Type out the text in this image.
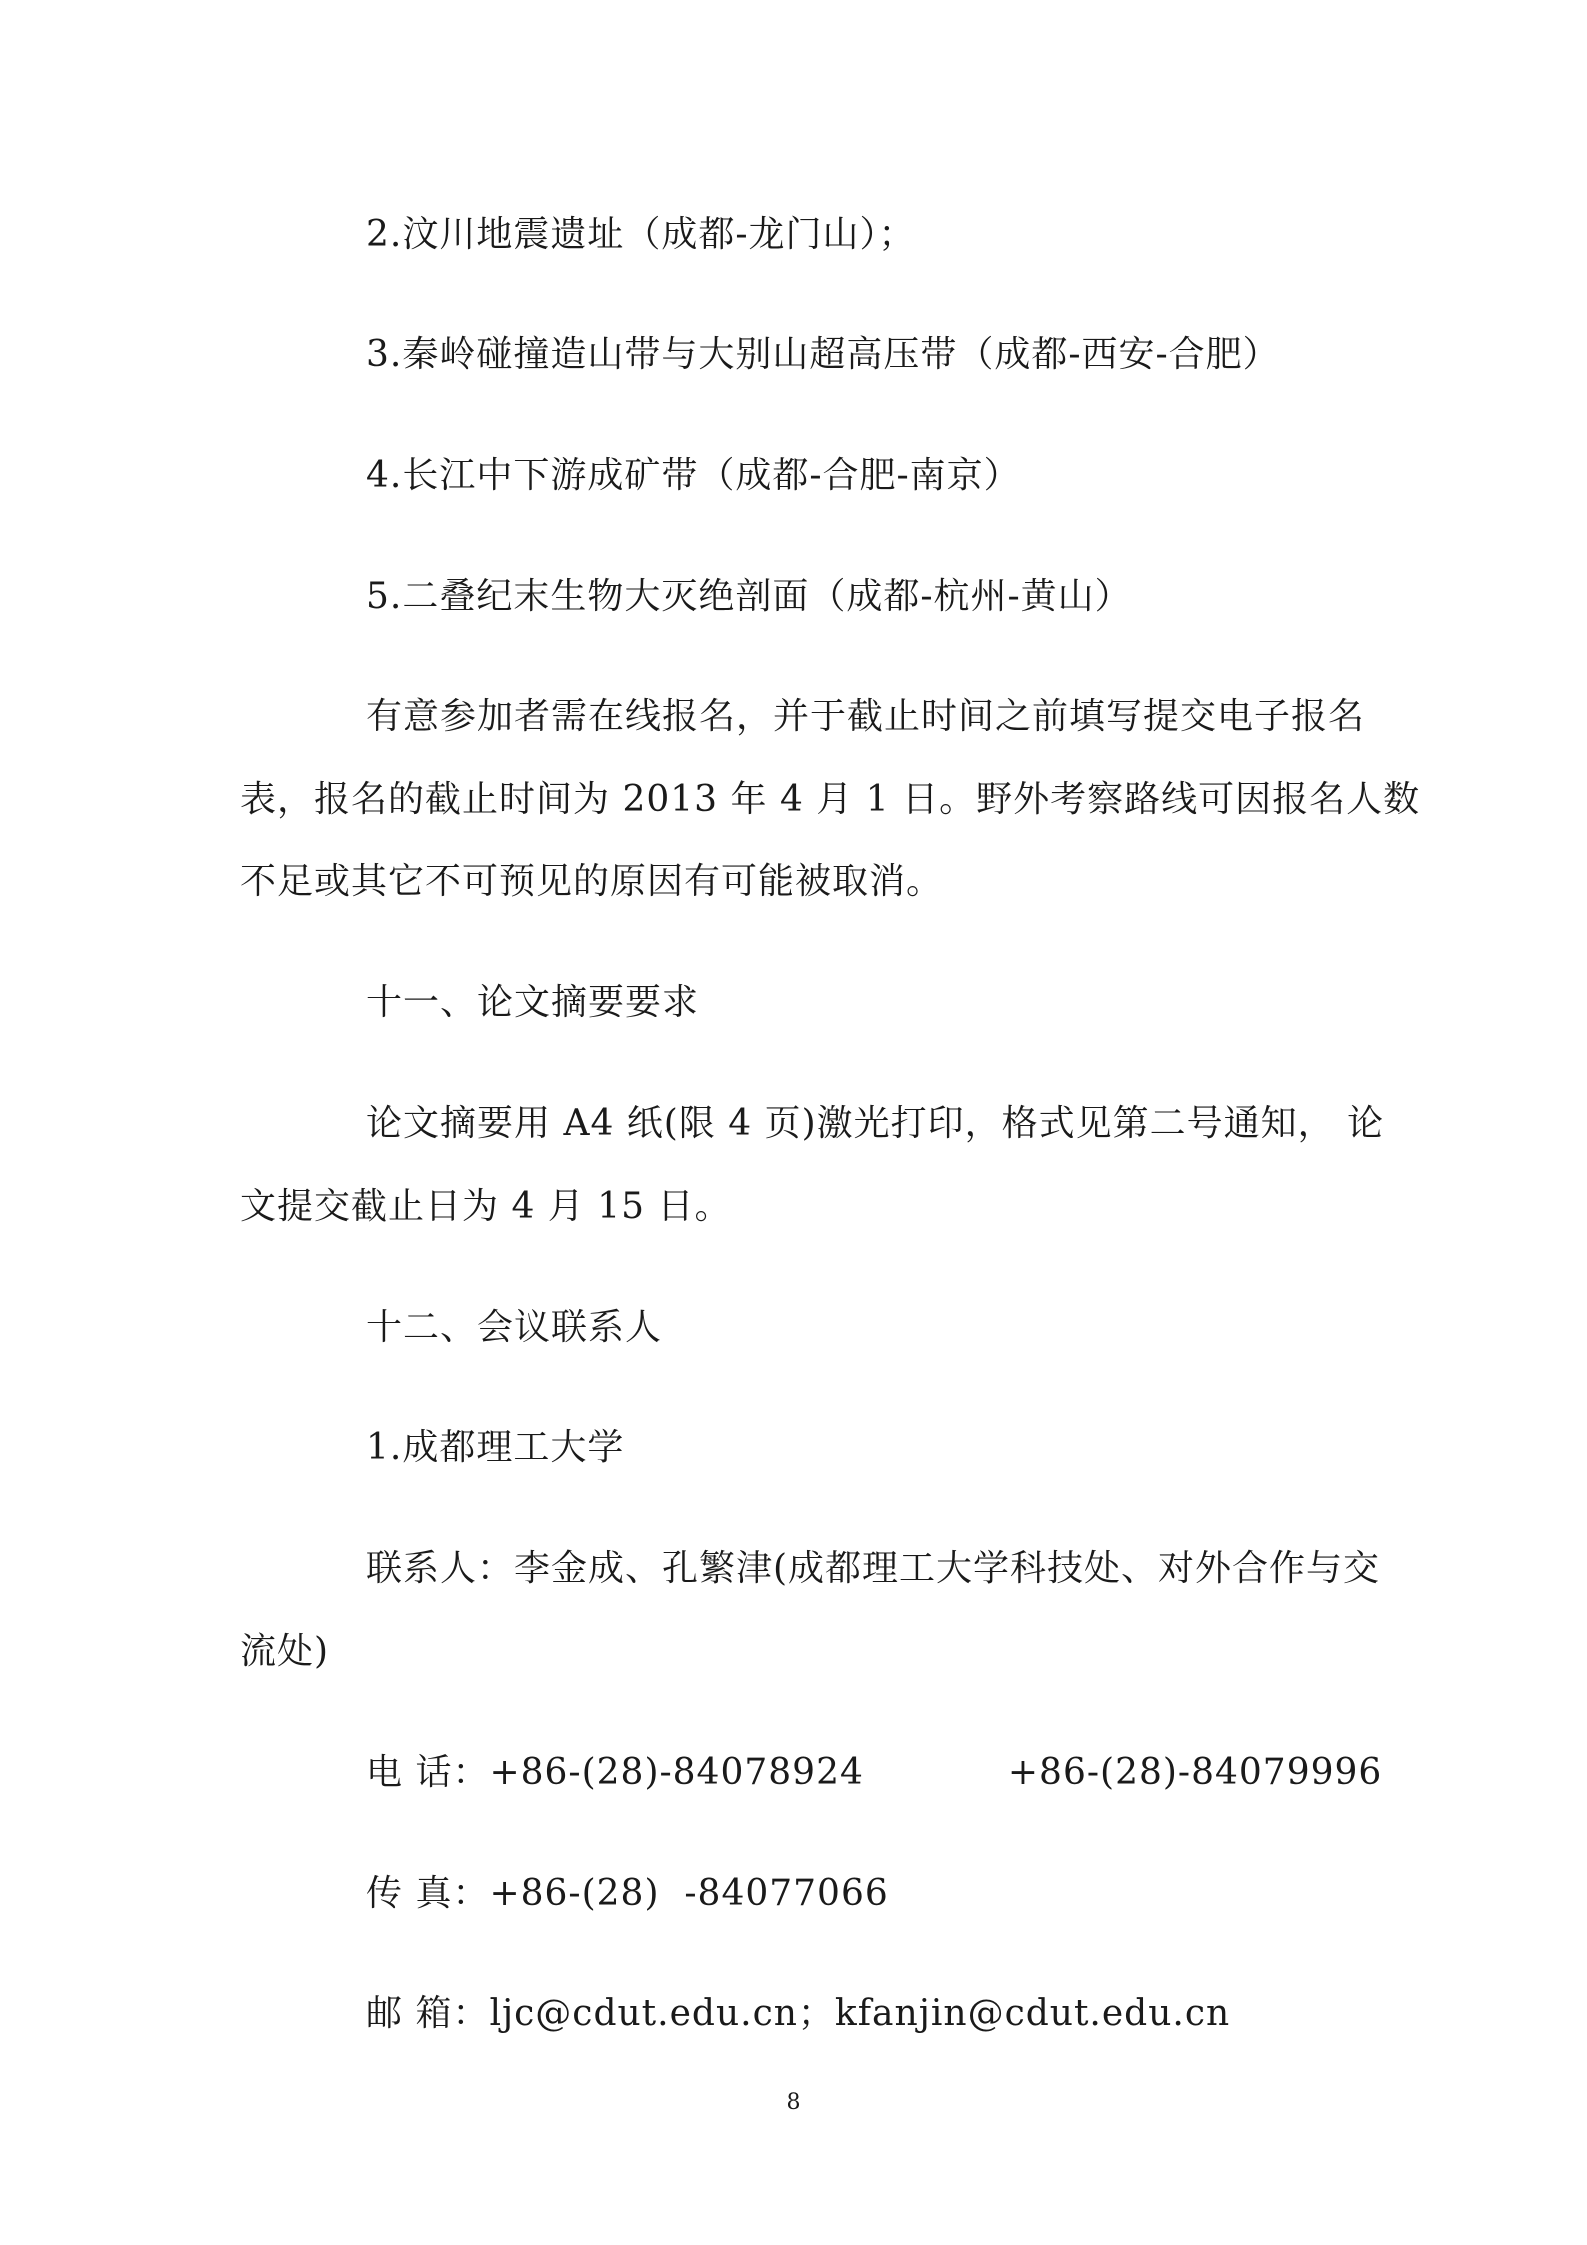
2.汶川地震遗址（成都-龙门山）；
3.秦岭碰撞造山带与大别山超高压带（成都-西安-合肥）
4.长江中下游成矿带（成都-合肥-南京）
5.二叠纪末生物大灭绝剖面（成都-杭州-黄山）
有意参加者需在线报名，并于截止时间之前填写提交电子报名
表，报名的截止时间为 2013 年 4 月 1 日。野外考察路线可因报名人数
不足或其它不可预见的原因有可能被取消。
十一、论文摘要要求
论文摘要用 A4 纸(限 4 页)激光打印，格式见第二号通知， 论
文提交截止日为 4 月 15 日。
十二、会议联系人
1.成都理工大学
联系人：李金成、孔繁津(成都理工大学科技处、对外合作与交
流处)
电 话：+86-(28)-84078924	+86-(28)-84079996
传 真：+86-(28)  -84077066
邮 箱：ljc@cdut.edu.cn；kfanjin@cdut.edu.cn
8
